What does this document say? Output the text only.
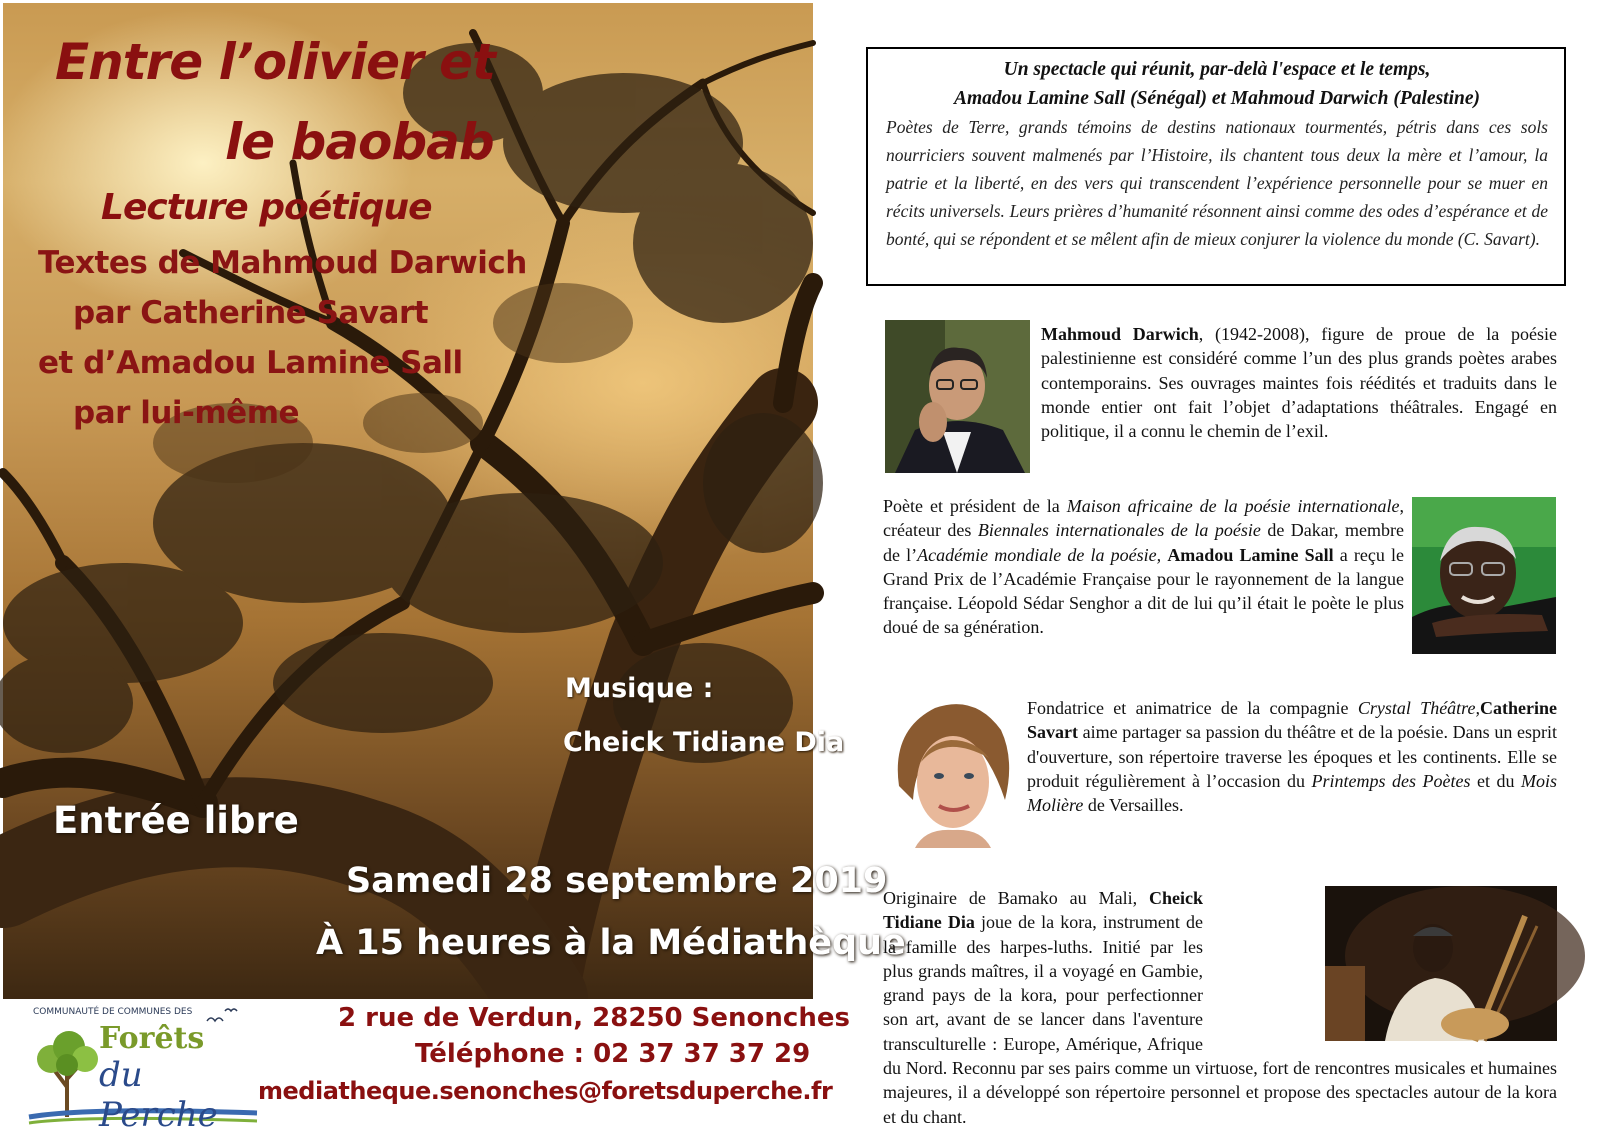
Entre l’olivier et
le baobab
Lecture poétique
Textes de Mahmoud Darwich
par Catherine Savart
et d’Amadou Lamine Sall
par lui-même
Musique :
Cheick Tidiane Dia
Entrée libre
Samedi 28 septembre 2019
À 15 heures à la Médiathèque
COMMUNAUTÉ DE COMMUNES DES
Forêts
du Perche
2 rue de Verdun, 28250 Senonches
Téléphone : 02 37 37 37 29
mediatheque.senonches@foretsduperche.fr
Un spectacle qui réunit, par-delà l'espace et le temps,
Amadou Lamine Sall (Sénégal) et Mahmoud Darwich (Palestine)
Poètes de Terre, grands témoins de destins nationaux tourmentés, pétris dans ces sols nourriciers souvent malmenés par l’Histoire, ils chantent tous deux la mère et l’amour, la patrie et la liberté, en des vers qui transcendent l’expérience personnelle pour se muer en récits universels. Leurs prières d’humanité résonnent ainsi comme des odes d’espérance et de bonté, qui se répondent et se mêlent afin de mieux conjurer la violence du monde (C. Savart).
Mahmoud Darwich, (1942-2008), figure de proue de la poésie palestinienne est considéré comme l’un des plus grands poètes arabes contemporains. Ses ouvrages maintes fois réédités et traduits dans le monde entier ont fait l’objet d’adaptations théâtrales. Engagé en politique, il a connu le chemin de l’exil.
Poète et président de la Maison africaine de la poésie internationale, créateur des Biennales internationales de la poésie de Dakar, membre de l’Académie mondiale de la poésie, Amadou Lamine Sall a reçu le Grand Prix de l’Académie Française pour le rayonnement de la langue française. Léopold Sédar Senghor a dit de lui qu’il était le poète le plus doué de sa génération.
Fondatrice et animatrice de la compagnie Crystal Théâtre,Catherine Savart aime partager sa passion du théâtre et de la poésie. Dans un esprit d'ouverture, son répertoire traverse les époques et les continents. Elle se produit régulièrement à l’occasion du Printemps des Poètes et du Mois Molière de Versailles.
Originaire de Bamako au Mali, Cheick Tidiane Dia joue de la kora, instrument de la famille des harpes-luths. Initié par les plus grands maîtres, il a voyagé en Gambie, grand pays de la kora, pour perfectionner son art, avant de se lancer dans l'aventure transculturelle : Europe, Amérique, Afrique du Nord. Reconnu par ses pairs comme un virtuose, fort de rencontres musicales et humaines majeures, il a développé son répertoire personnel et propose des spectacles autour de la kora et du chant.
